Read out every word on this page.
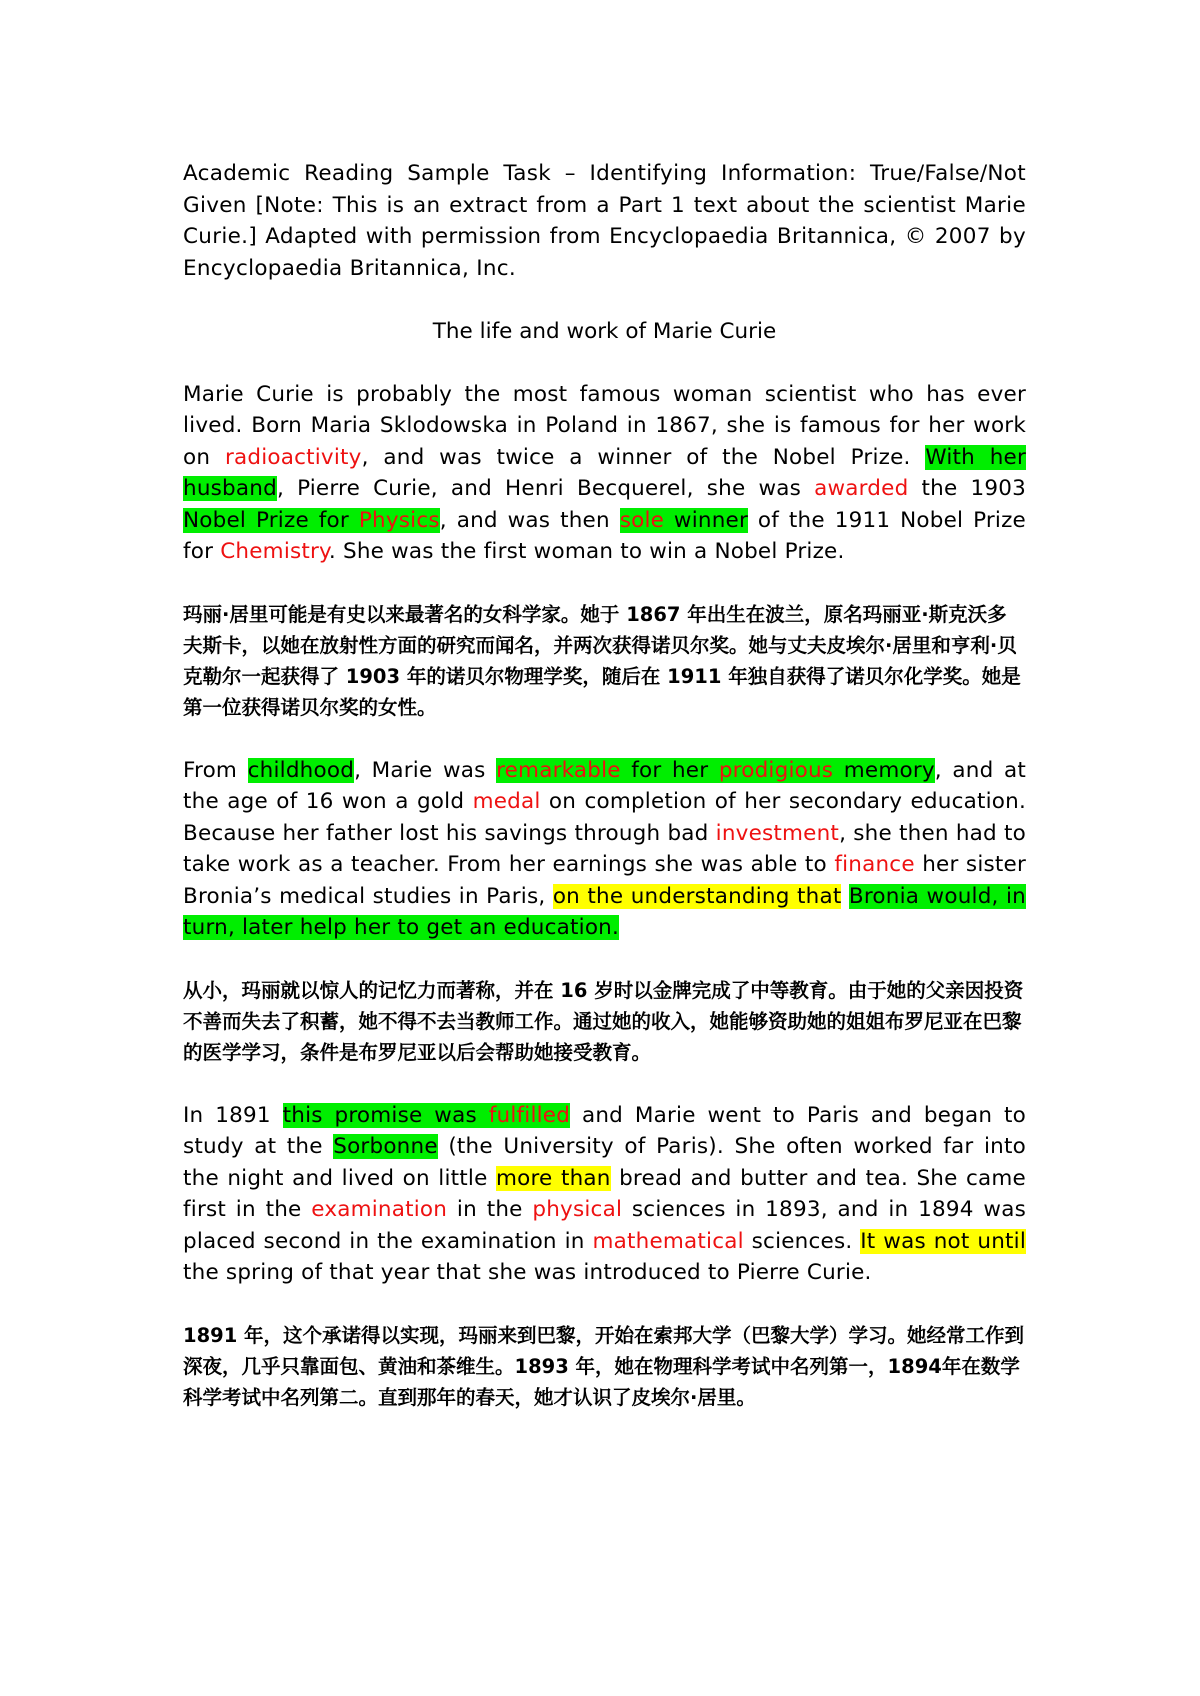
Academic Reading Sample Task – Identifying Information: True/False/Not Given [Note: This is an extract from a Part 1 text about the scientist Marie Curie.] Adapted with permission from Encyclopaedia Britannica, © 2007 by Encyclopaedia Britannica, Inc.

The life and work of Marie Curie

Marie Curie is probably the most famous woman scientist who has ever lived. Born Maria Sklodowska in Poland in 1867, she is famous for her work on radioactivity, and was twice a winner of the Nobel Prize. With her husband, Pierre Curie, and Henri Becquerel, she was awarded the 1903 Nobel Prize for Physics, and was then sole winner of the 1911 Nobel Prize for Chemistry. She was the first woman to win a Nobel Prize.

玛丽·居里可能是有史以来最著名的女科学家。她于 1867 年出生在波兰，原名玛丽亚·斯克沃多夫斯卡，以她在放射性方面的研究而闻名，并两次获得诺贝尔奖。她与丈夫皮埃尔·居里和亨利·贝克勒尔一起获得了 1903 年的诺贝尔物理学奖，随后在 1911 年独自获得了诺贝尔化学奖。她是第一位获得诺贝尔奖的女性。

From childhood, Marie was remarkable for her prodigious memory, and at the age of 16 won a gold medal on completion of her secondary education. Because her father lost his savings through bad investment, she then had to take work as a teacher. From her earnings she was able to finance her sister Bronia’s medical studies in Paris, on the understanding that Bronia would, in turn, later help her to get an education.

从小，玛丽就以惊人的记忆力而著称，并在 16 岁时以金牌完成了中等教育。由于她的父亲因投资不善而失去了积蓄，她不得不去当教师工作。通过她的收入，她能够资助她的姐姐布罗尼亚在巴黎的医学学习，条件是布罗尼亚以后会帮助她接受教育。

In 1891 this promise was fulfilled and Marie went to Paris and began to study at the Sorbonne (the University of Paris). She often worked far into the night and lived on little more than bread and butter and tea. She came first in the examination in the physical sciences in 1893, and in 1894 was placed second in the examination in mathematical sciences. It was not until the spring of that year that she was introduced to Pierre Curie.

1891 年，这个承诺得以实现，玛丽来到巴黎，开始在索邦大学（巴黎大学）学习。她经常工作到深夜，几乎只靠面包、黄油和茶维生。1893 年，她在物理科学考试中名列第一，1894年在数学科学考试中名列第二。直到那年的春天，她才认识了皮埃尔·居里。
